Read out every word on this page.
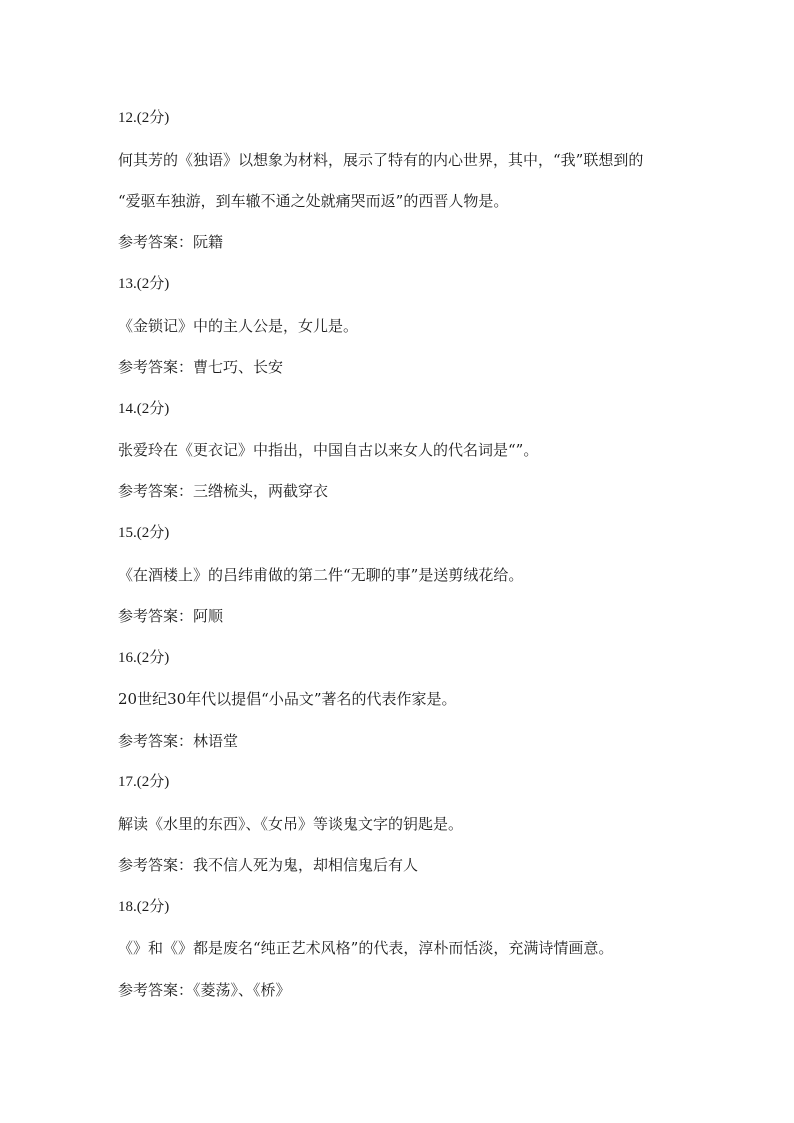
12.(2分)
何其芳的《独语》以想象为材料，展示了特有的内心世界，其中，“我”联想到的
“爱驱车独游，到车辙不通之处就痛哭而返”的西晋人物是。
参考答案：阮籍
13.(2分)
《金锁记》中的主人公是，女儿是。
参考答案：曹七巧、长安
14.(2分)
张爱玲在《更衣记》中指出，中国自古以来女人的代名词是“”。
参考答案：三绺梳头，两截穿衣
15.(2分)
《在酒楼上》的吕纬甫做的第二件“无聊的事”是送剪绒花给。
参考答案：阿顺
16.(2分)
20世纪30年代以提倡“小品文”著名的代表作家是。
参考答案：林语堂
17.(2分)
解读《水里的东西》、《女吊》等谈鬼文字的钥匙是。
参考答案：我不信人死为鬼，却相信鬼后有人
18.(2分)
《》和《》都是废名“纯正艺术风格”的代表，淳朴而恬淡，充满诗情画意。
参考答案：《菱荡》、《桥》
